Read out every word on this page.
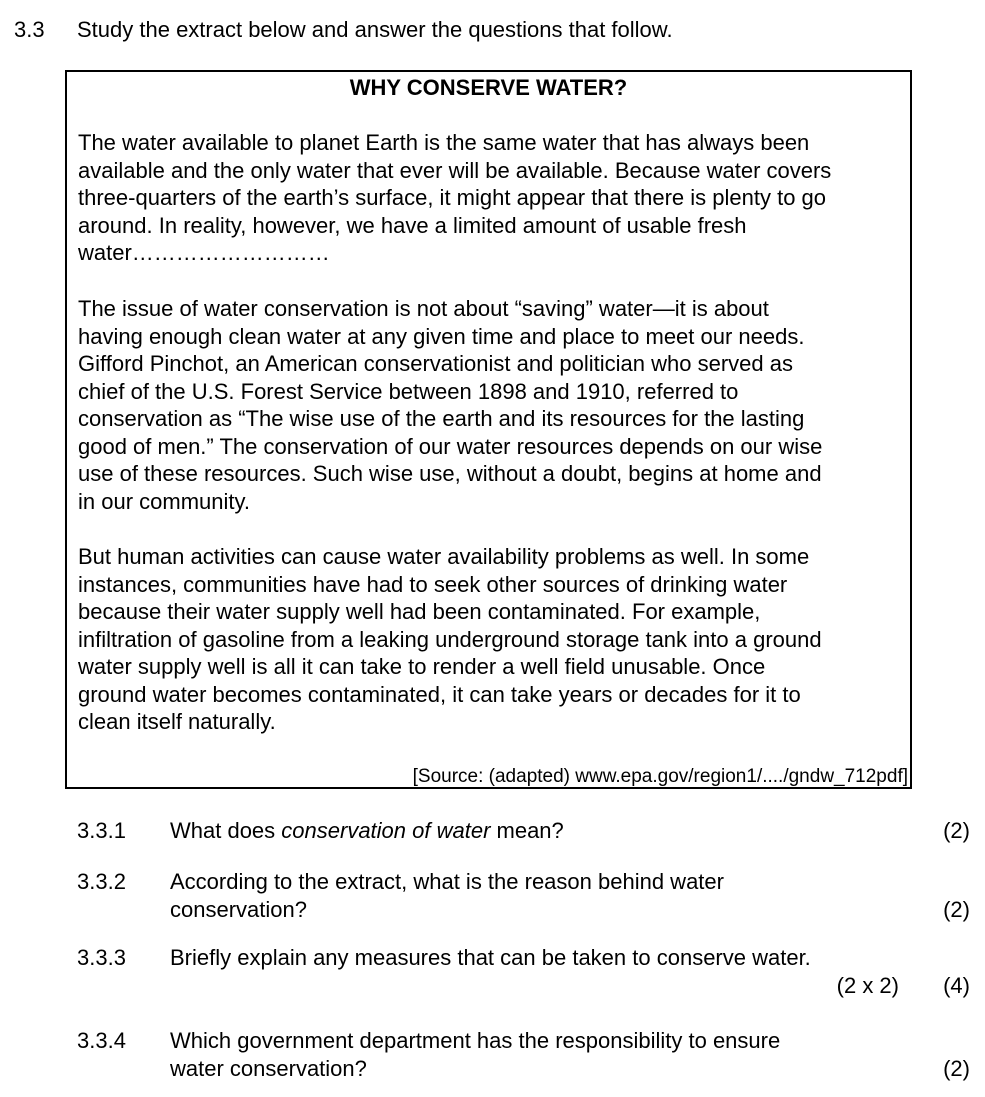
3.3 Study the extract below and answer the questions that follow.
WHY CONSERVE WATER?
The water available to planet Earth is the same water that has always been
available and the only water that ever will be available. Because water covers
three-quarters of the earth’s surface, it might appear that there is plenty to go
around. In reality, however, we have a limited amount of usable fresh
water………………………
The issue of water conservation is not about “saving” water—it is about
having enough clean water at any given time and place to meet our needs.
Gifford Pinchot, an American conservationist and politician who served as
chief of the U.S. Forest Service between 1898 and 1910, referred to
conservation as “The wise use of the earth and its resources for the lasting
good of men.” The conservation of our water resources depends on our wise
use of these resources. Such wise use, without a doubt, begins at home and
in our community.
But human activities can cause water availability problems as well. In some
instances, communities have had to seek other sources of drinking water
because their water supply well had been contaminated. For example,
infiltration of gasoline from a leaking underground storage tank into a ground
water supply well is all it can take to render a well field unusable. Once
ground water becomes contaminated, it can take years or decades for it to
clean itself naturally.
[Source: (adapted) www.epa.gov/region1/..../gndw_712pdf]
3.3.1 What does conservation of water mean?	(2)
3.3.2 According to the extract, what is the reason behind water
conservation?	(2)
3.3.3 Briefly explain any measures that can be taken to conserve water.
(2 x 2) (4)
3.3.4 Which government department has the responsibility to ensure
water conservation?	(2)
